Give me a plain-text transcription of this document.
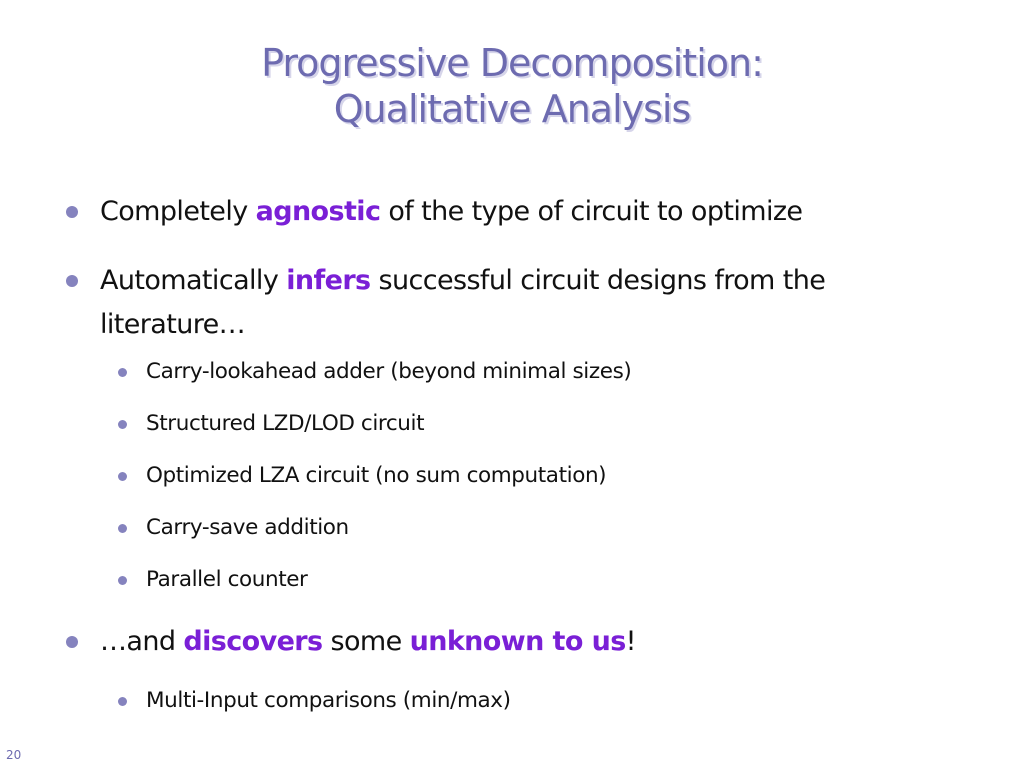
Progressive Decomposition:
Qualitative Analysis
Completely agnostic of the type of circuit to optimize
Automatically infers successful circuit designs from the literature…
Carry-lookahead adder (beyond minimal sizes)
Structured LZD/LOD circuit
Optimized LZA circuit (no sum computation)
Carry-save addition
Parallel counter
…and discovers some unknown to us!
Multi-Input comparisons (min/max)
20
